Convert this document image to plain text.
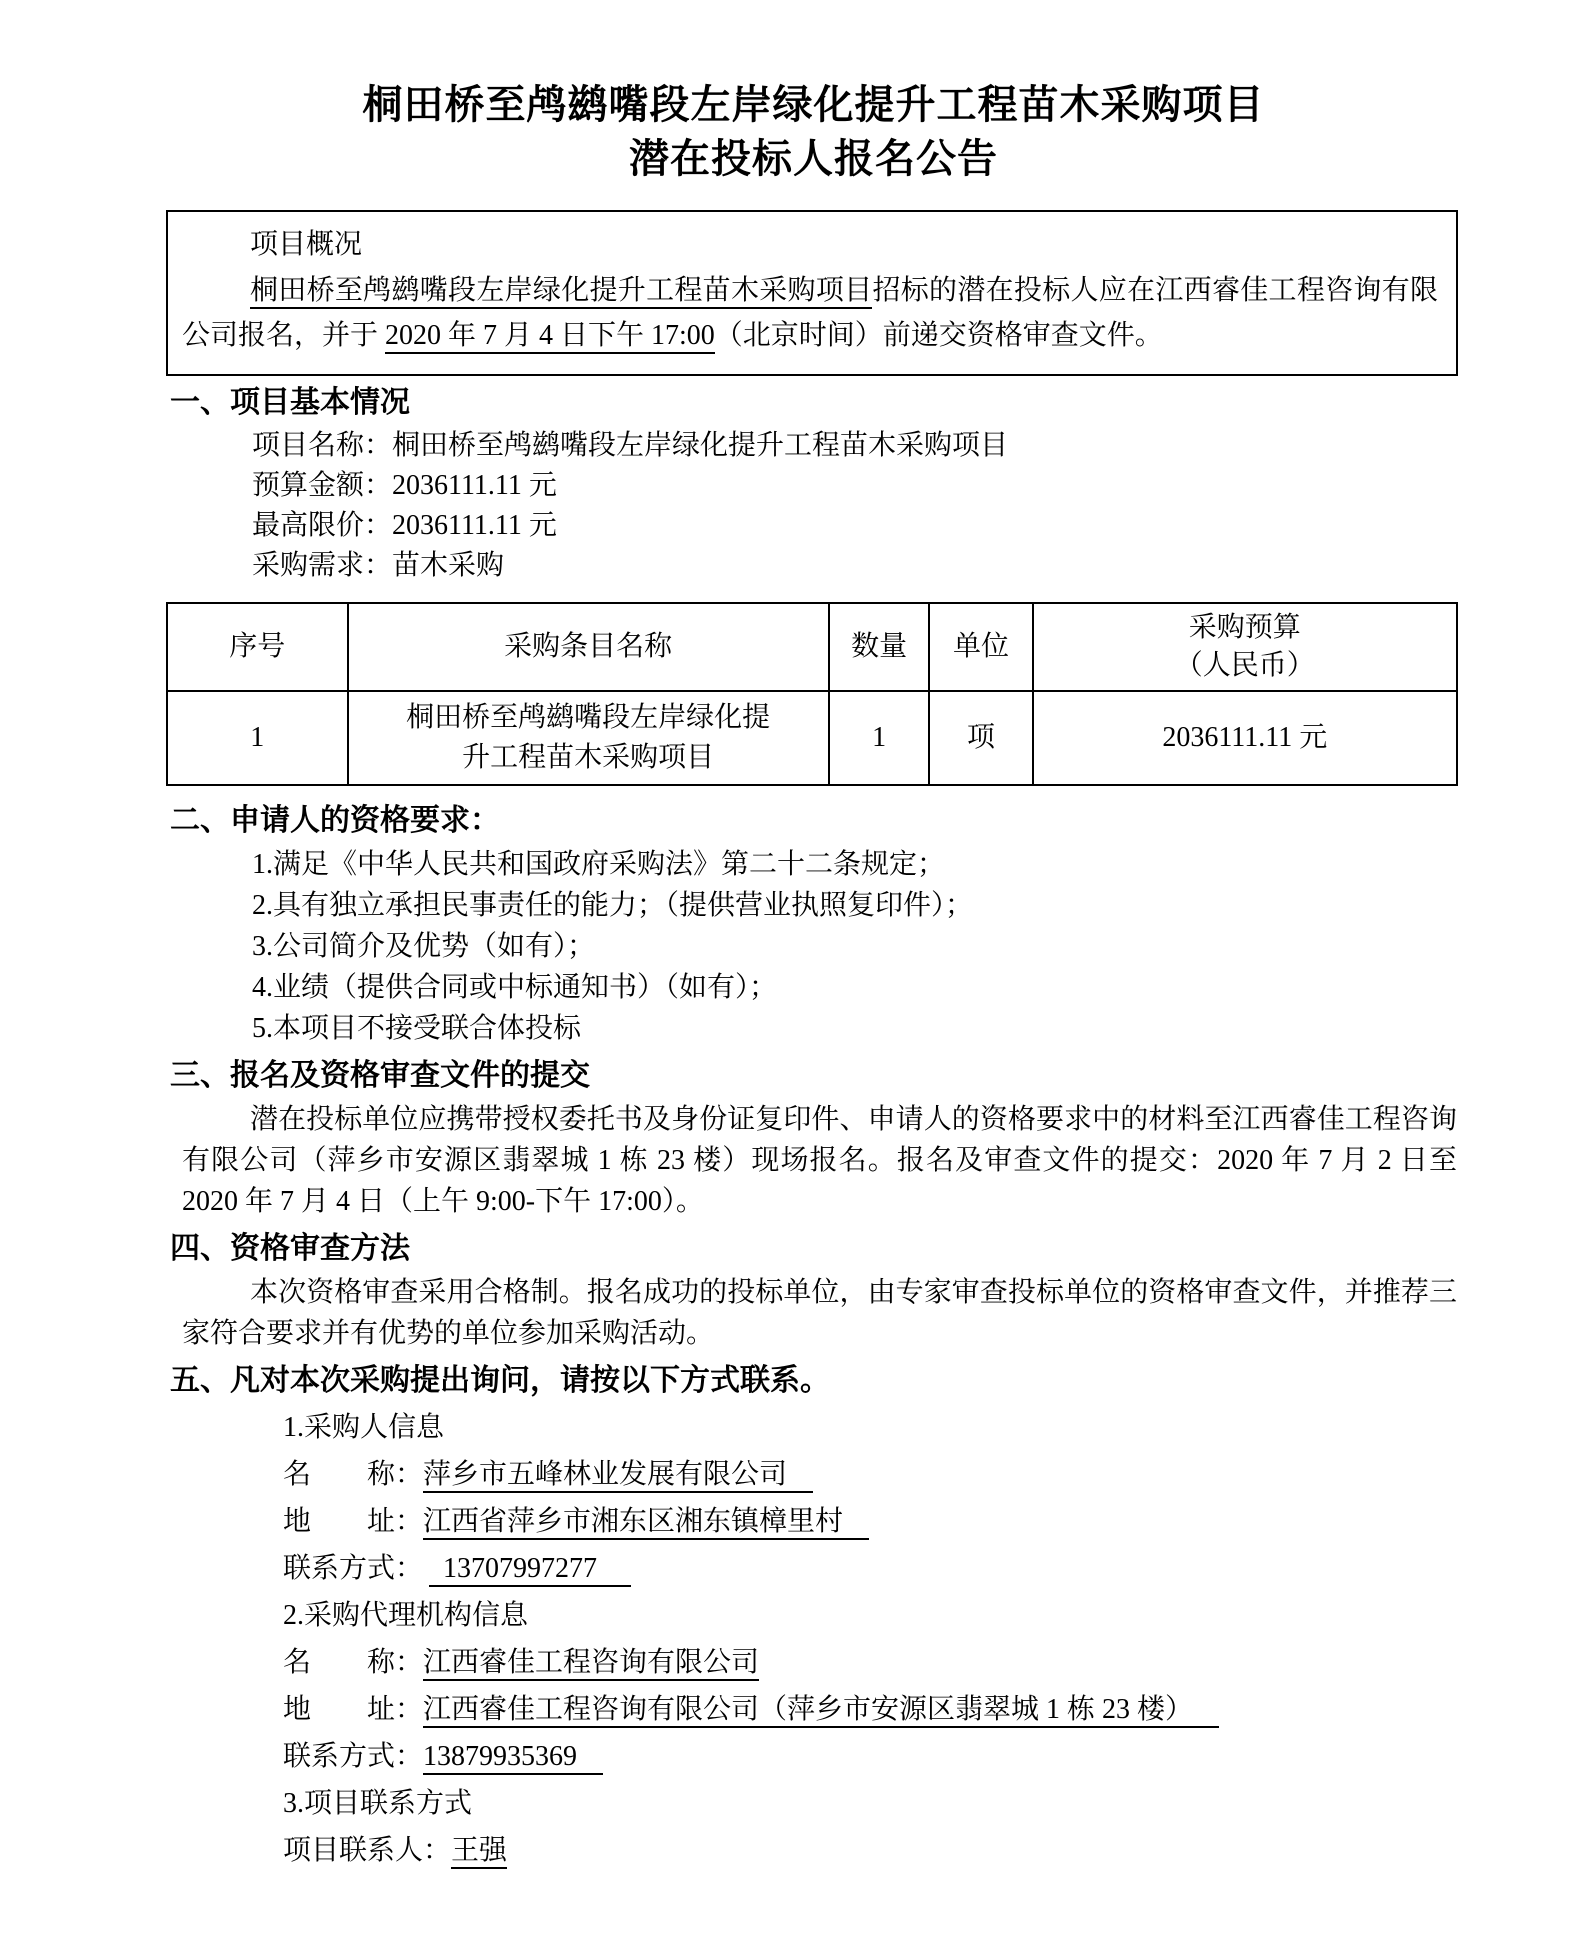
桐田桥至鸬鹚嘴段左岸绿化提升工程苗木采购项目
潜在投标人报名公告

项目概况

桐田桥至鸬鹚嘴段左岸绿化提升工程苗木采购项目招标的潜在投标人应在江西睿佳工程咨询有限公司报名，并于 2020 年 7 月 4 日下午 17:00（北京时间）前递交资格审查文件。

一、项目基本情况

项目名称：桐田桥至鸬鹚嘴段左岸绿化提升工程苗木采购项目

预算金额：2036111.11 元

最高限价：2036111.11 元

采购需求：苗木采购

序号	采购条目名称	数量	单位	采购预算
（人民币）

1	桐田桥至鸬鹚嘴段左岸绿化提升工程苗木采购项目	1	项	2036111.11 元
二、申请人的资格要求：

1.满足《中华人民共和国政府采购法》第二十二条规定；

2.具有独立承担民事责任的能力；（提供营业执照复印件）；

3.公司简介及优势（如有）；

4.业绩（提供合同或中标通知书）（如有）；

5.本项目不接受联合体投标

三、报名及资格审查文件的提交

潜在投标单位应携带授权委托书及身份证复印件、申请人的资格要求中的材料至江西睿佳工程咨询有限公司（萍乡市安源区翡翠城 1 栋 23 楼）现场报名。报名及审查文件的提交：2020 年 7 月 2 日至 2020 年 7 月 4 日（上午 9:00-下午 17:00）。

四、资格审查方法

本次资格审查采用合格制。报名成功的投标单位，由专家审查投标单位的资格审查文件，并推荐三家符合要求并有优势的单位参加采购活动。

五、凡对本次采购提出询问，请按以下方式联系。

1.采购人信息

名　　称：萍乡市五峰林业发展有限公司

地　　址：江西省萍乡市湘东区湘东镇樟里村

联系方式： 13707997277

2.采购代理机构信息

名　　称：江西睿佳工程咨询有限公司

地　　址：江西睿佳工程咨询有限公司（萍乡市安源区翡翠城 1 栋 23 楼）

联系方式：13879935369

3.项目联系方式

项目联系人：王强
